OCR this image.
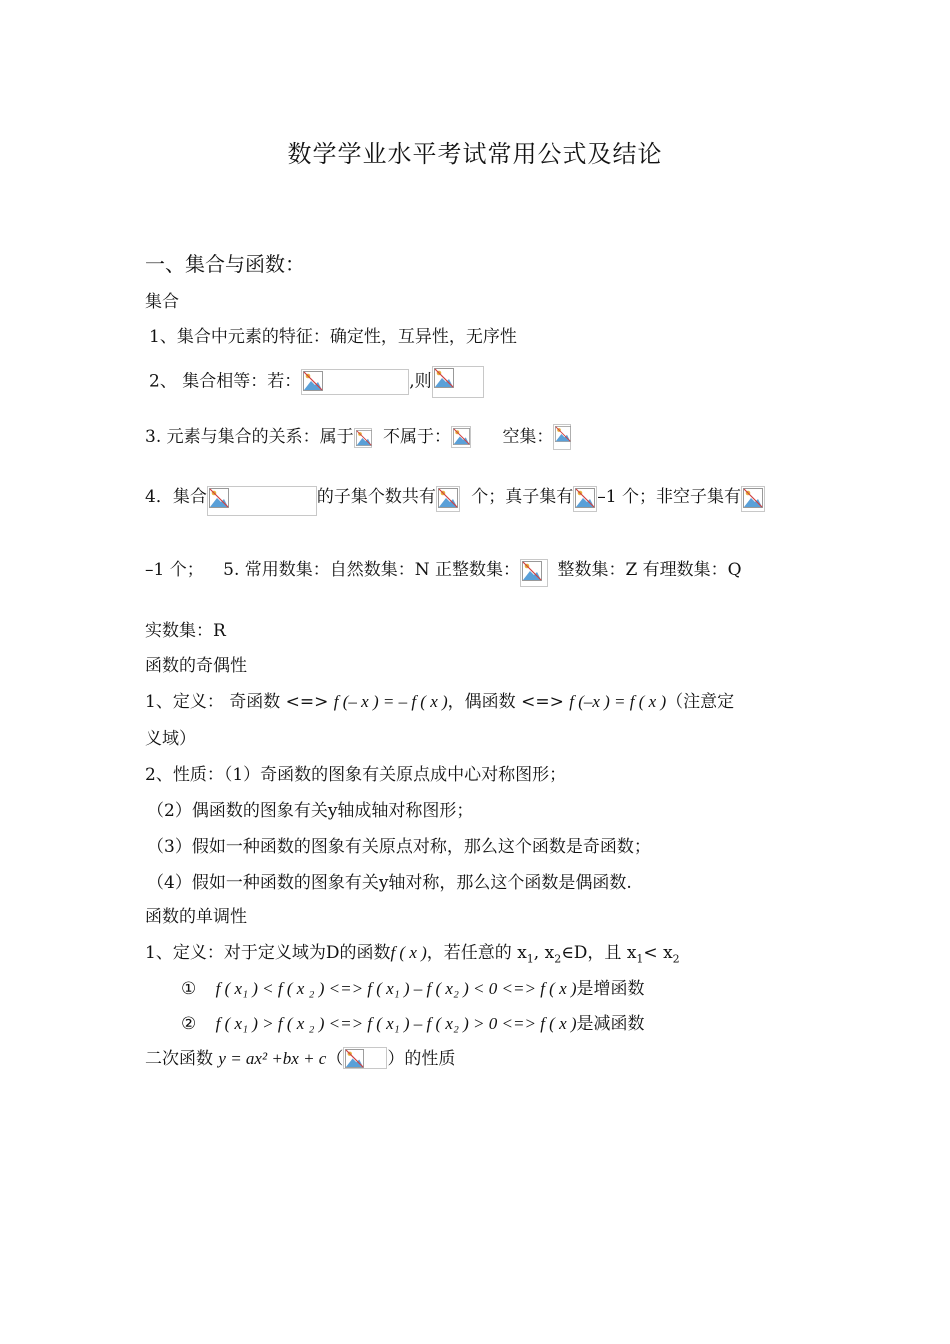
数学学业水平考试常用公式及结论
一、集合与函数：
集合
1、集合中元素的特征：确定性，互异性，无序性
2、 集合相等：若：	,则
3. 元素与集合的关系：属于 不属于：	空集：
4．集合	的子集个数共有 个；真子集有 –1 个；非空子集有
–1 个； 5. 常用数集：自然数集：N 正整数集： 整数集：Z 有理数集：Q
实数集：R
函数的奇偶性
1、定义： 奇函数 <=> f (– x ) = – f ( x )，偶函数 <=> f (–x ) = f ( x )（注意定
义域）
2、性质：（1）奇函数的图象有关原点成中心对称图形；
（2）偶函数的图象有关y轴成轴对称图形；
（3）假如一种函数的图象有关原点对称，那么这个函数是奇函数；
（4）假如一种函数的图象有关y轴对称，那么这个函数是偶函数.
函数的单调性
1、定义：对于定义域为D的函数f ( x )，若任意的 $x_1$, $x_2\in D$，且 $x_1< x_2$
① f ( x₁ ) < f ( x ₂ ) <=> f ( x₁ ) – f ( x₂ ) < 0 <=> f ( x )是增函数
② f ( x₁ ) > f ( x ₂ ) <=> f ( x₁ ) – f ( x₂ ) > 0 <=> f ( x )是减函数
二次函数 y = ax² +bx + c（	）的性质
